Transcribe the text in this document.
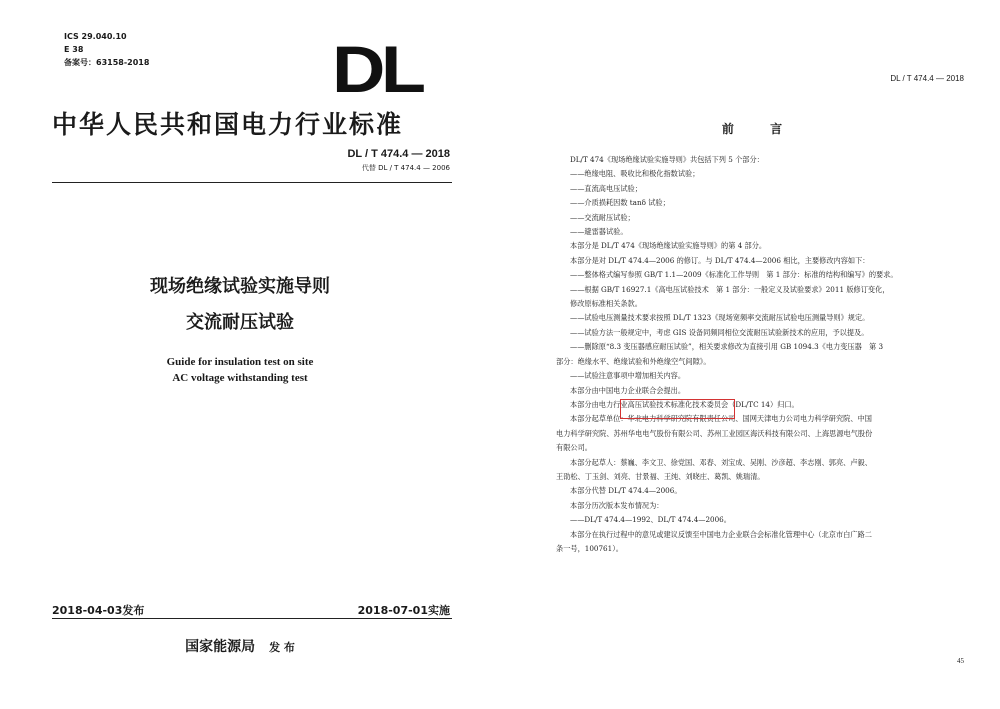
ICS 29.040.10
E 38
备案号：63158-2018	DL
中华人民共和国电力行业标准
DL / T 474.4 — 2018
代替 DL / T 474.4 — 2006
现场绝缘试验实施导则
交流耐压试验
Guide for insulation test on site
AC voltage withstanding test
2018-04-03发布	2018-07-01实施
国家能源局 发 布
DL / T 474.4 — 2018
前 言

DL/T 474《现场绝缘试验实施导则》共包括下列 5 个部分：

——绝缘电阻、吸收比和极化指数试验；

——直流高电压试验；

——介质损耗因数 tanδ 试验；

——交流耐压试验；

——避雷器试验。

本部分是 DL/T 474《现场绝缘试验实施导则》的第 4 部分。

本部分是对 DL/T 474.4—2006 的修订。与 DL/T 474.4—2006 相比，主要修改内容如下：

——整体格式编写参照 GB/T 1.1—2009《标准化工作导则　第 1 部分：标准的结构和编写》的要求。

——根据 GB/T 16927.1《高电压试验技术　第 1 部分：一般定义及试验要求》2011 版修订变化，

修改原标准相关条款。

——试验电压测量技术要求按照 DL/T 1323《现场宽频率交流耐压试验电压测量导则》规定。

——试验方法一般规定中，考虑 GIS 设备同频同相位交流耐压试验新技术的应用，予以提及。

——删除原“8.3 变压器感应耐压试验”，相关要求修改为直接引用 GB 1094.3《电力变压器　第 3

部分：绝缘水平、绝缘试验和外绝缘空气间隙》。

——试验注意事项中增加相关内容。

本部分由中国电力企业联合会提出。

本部分由电力行业高压试验技术标准化技术委员会（DL/TC 14）归口。

本部分起草单位：华北电力科学研究院有限责任公司、国网天津电力公司电力科学研究院、中国

电力科学研究院、苏州华电电气股份有限公司、苏州工业园区海沃科技有限公司、上海思源电气股份

有限公司。

本部分起草人：蔡巍、李文卫、徐党国、邓春、刘宝成、吴刚、沙彦超、李志刚、郭亮、卢毅、

王劭松、丁玉剑、刘亮、甘景福、王纯、刘晓庄、葛凯、姚瑞清。

本部分代替 DL/T 474.4—2006。

本部分历次版本发布情况为：

——DL/T 474.4—1992、DL/T 474.4—2006。

本部分在执行过程中的意见或建议反馈至中国电力企业联合会标准化管理中心（北京市白广路二

条一号，100761）。

45
